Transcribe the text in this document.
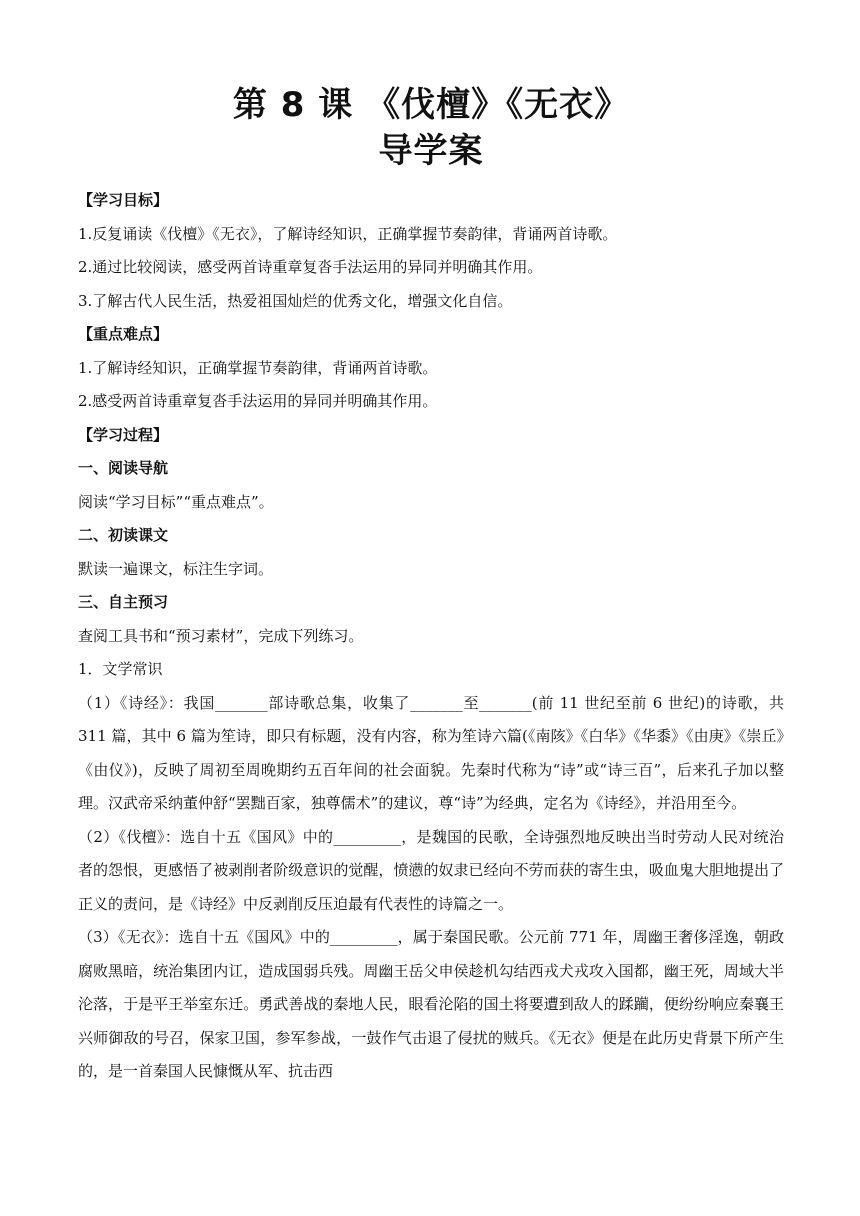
第 8 课 《伐檀》《无衣》
导学案

【学习目标】

1.反复诵读《伐檀》《无衣》，了解诗经知识，正确掌握节奏韵律，背诵两首诗歌。

2.通过比较阅读，感受两首诗重章复沓手法运用的异同并明确其作用。

3.了解古代人民生活，热爱祖国灿烂的优秀文化，增强文化自信。

【重点难点】

1.了解诗经知识，正确掌握节奏韵律，背诵两首诗歌。

2.感受两首诗重章复沓手法运用的异同并明确其作用。

【学习过程】

一、阅读导航

阅读“学习目标”“重点难点”。

二、初读课文

默读一遍课文，标注生字词。

三、自主预习

查阅工具书和“预习素材”，完成下列练习。

1．文学常识

（1）《诗经》：我国_______部诗歌总集，收集了_______至_______(前 11 世纪至前 6 世纪)的诗歌，共 311 篇，其中 6 篇为笙诗，即只有标题，没有内容，称为笙诗六篇(《南陔》《白华》《华黍》《由庚》《崇丘》《由仪》)，反映了周初至周晚期约五百年间的社会面貌。先秦时代称为“诗”或“诗三百”，后来孔子加以整理。汉武帝采纳董仲舒“罢黜百家，独尊儒术”的建议，尊“诗”为经典，定名为《诗经》，并沿用至今。

（2）《伐檀》：选自十五《国风》中的_________，是魏国的民歌，全诗强烈地反映出当时劳动人民对统治者的怨恨，更感悟了被剥削者阶级意识的觉醒，愤懑的奴隶已经向不劳而获的寄生虫，吸血鬼大胆地提出了正义的责问，是《诗经》中反剥削反压迫最有代表性的诗篇之一。

（3）《无衣》：选自十五《国风》中的_________，属于秦国民歌。公元前 771 年，周幽王奢侈淫逸，朝政腐败黑暗，统治集团内讧，造成国弱兵残。周幽王岳父申侯趁机勾结西戎犬戎攻入国都，幽王死，周域大半沦落，于是平王举室东迁。勇武善战的秦地人民，眼看沦陷的国土将要遭到敌人的蹂躏，便纷纷响应秦襄王兴师御敌的号召，保家卫国，参军参战，一鼓作气击退了侵扰的贼兵。《无衣》便是在此历史背景下所产生的，是一首秦国人民慷慨从军、抗击西
